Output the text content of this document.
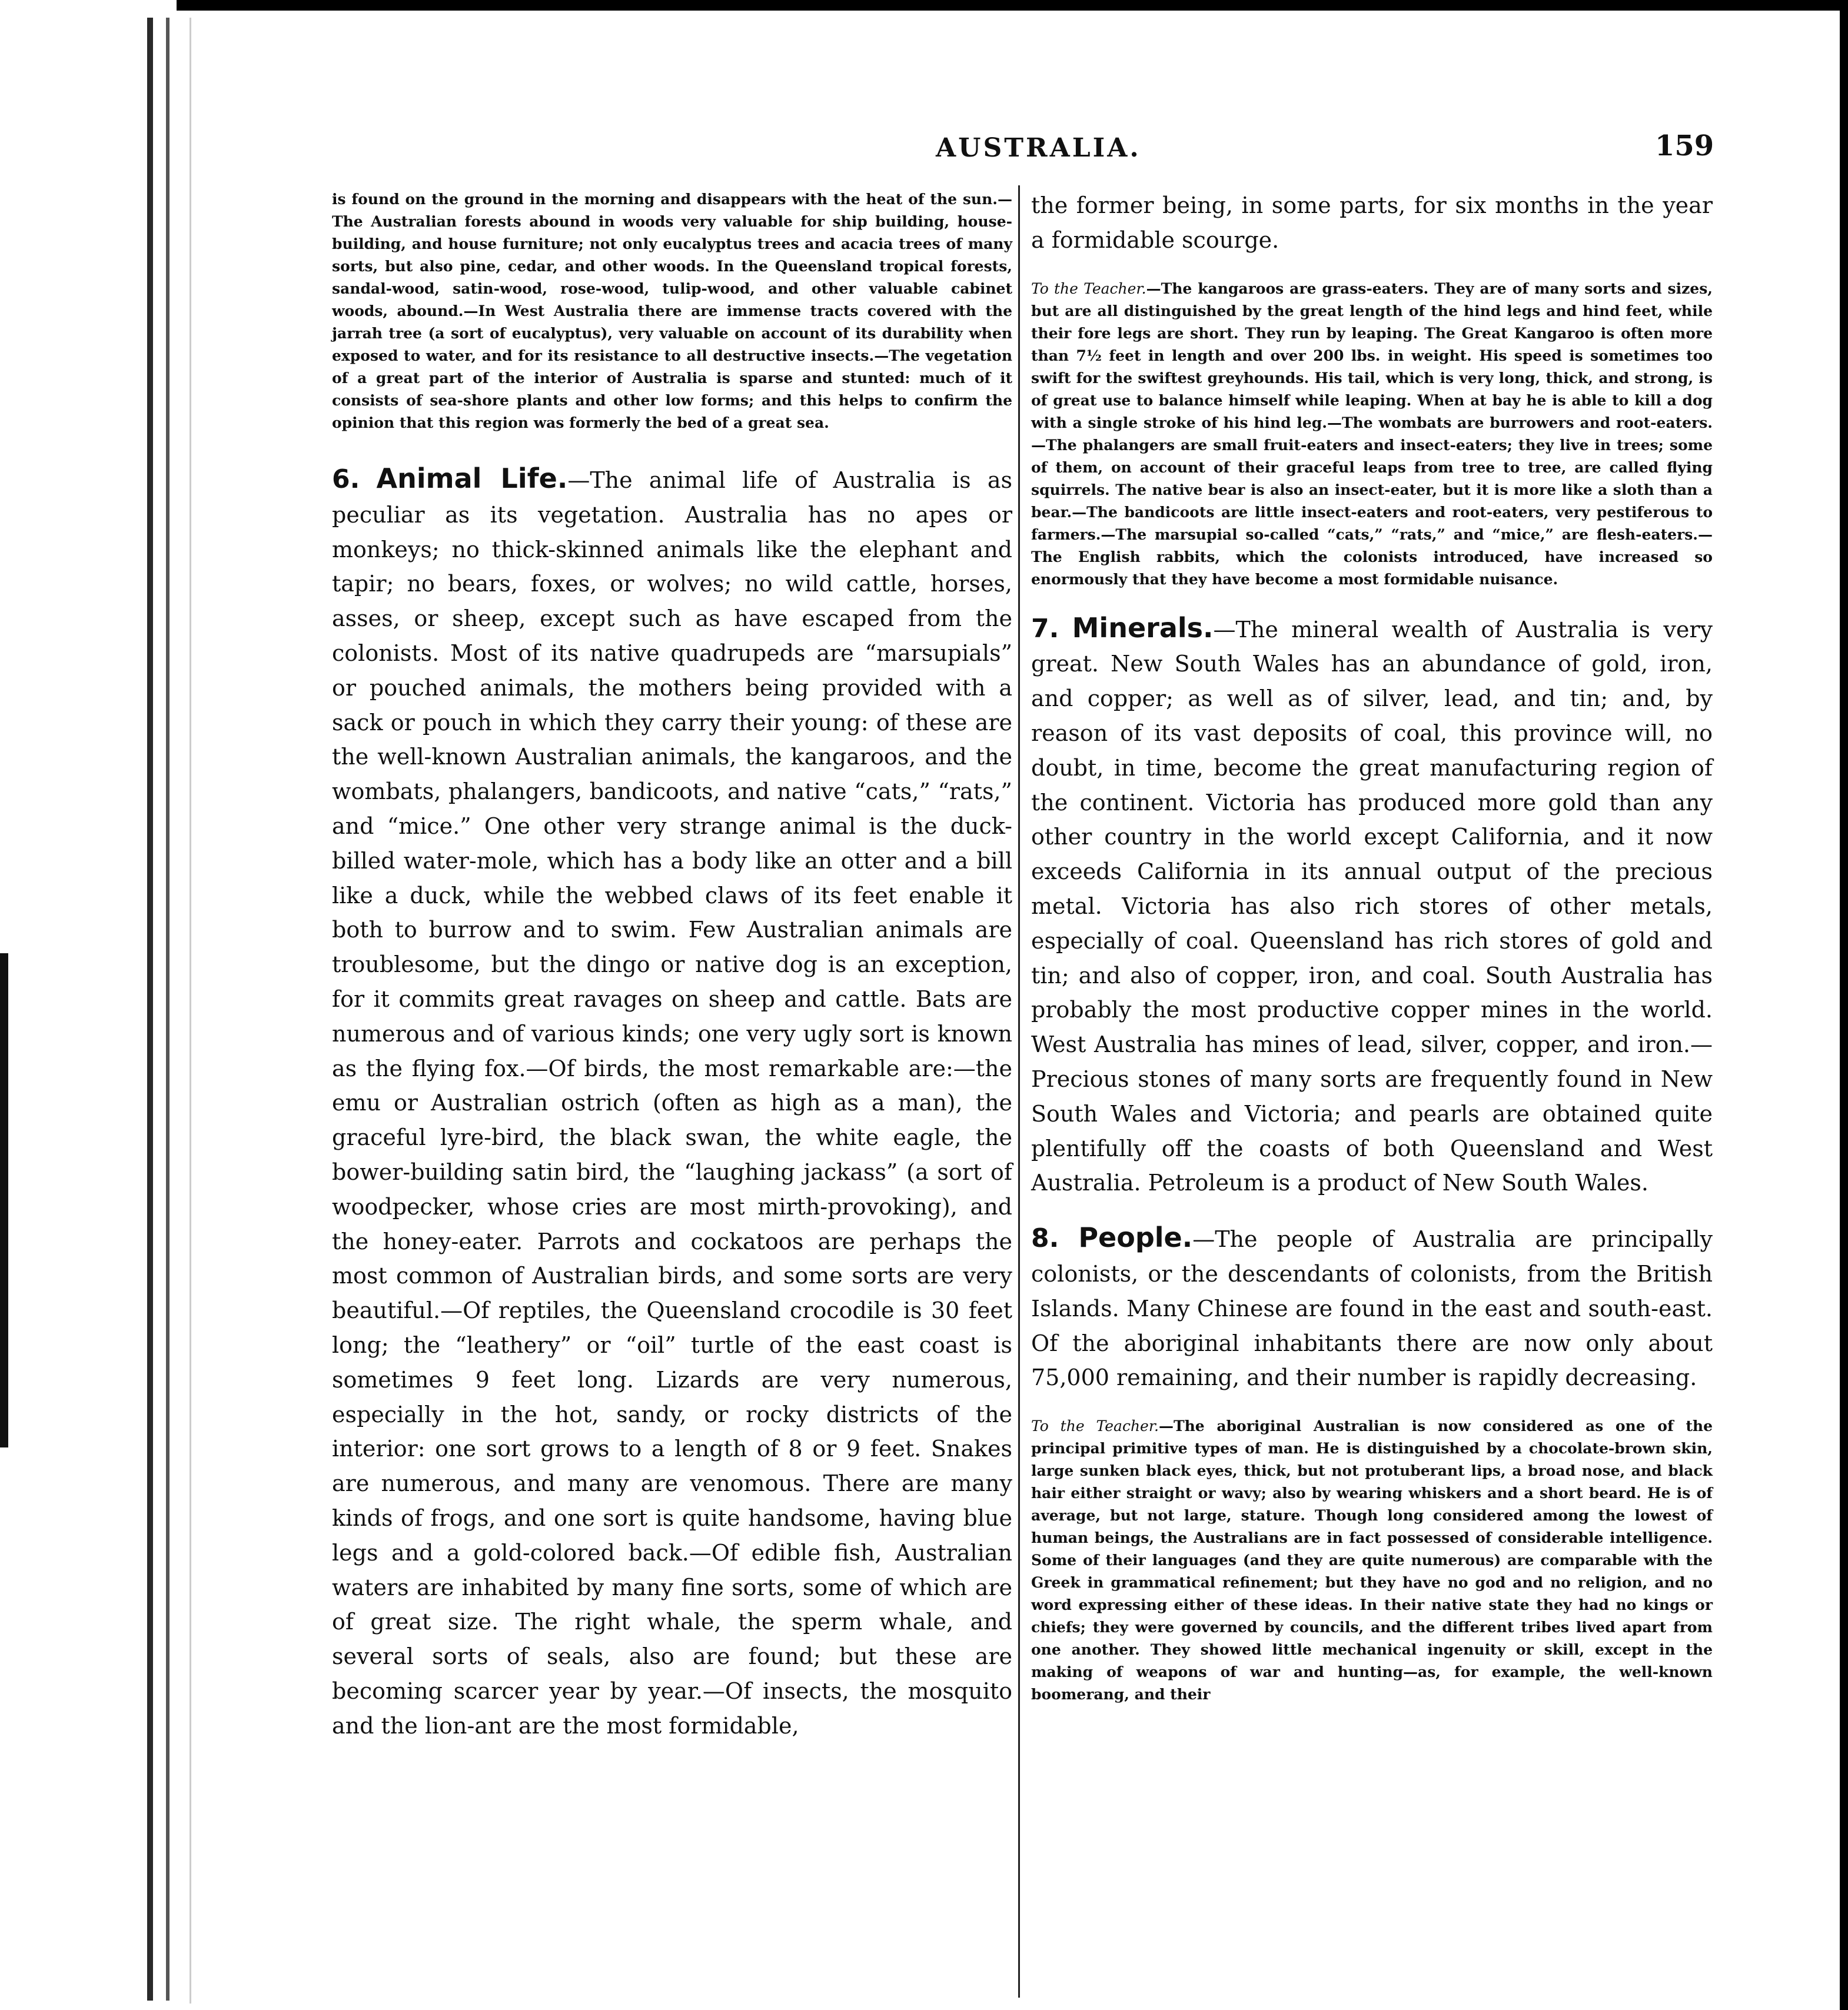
AUSTRALIA.	159

is found on the ground in the morning and disappears with the heat of the sun.—The Australian forests abound in woods very valuable for ship building, house-building, and house furniture; not only eucalyptus trees and acacia trees of many sorts, but also pine, cedar, and other woods. In the Queensland tropical forests, sandal-wood, satin-wood, rose-wood, tulip-wood, and other valuable cabinet woods, abound.—In West Australia there are immense tracts covered with the jarrah tree (a sort of eucalyptus), very valuable on account of its durability when exposed to water, and for its resistance to all destructive insects.—The vegetation of a great part of the interior of Australia is sparse and stunted: much of it consists of sea-shore plants and other low forms; and this helps to confirm the opinion that this region was formerly the bed of a great sea.

6. Animal Life.—The animal life of Australia is as peculiar as its vegetation. Australia has no apes or monkeys; no thick-skinned animals like the elephant and tapir; no bears, foxes, or wolves; no wild cattle, horses, asses, or sheep, except such as have escaped from the colonists. Most of its native quadrupeds are “marsupials” or pouched animals, the mothers being provided with a sack or pouch in which they carry their young: of these are the well-known Australian animals, the kangaroos, and the wombats, phalangers, bandicoots, and native “cats,” “rats,” and “mice.” One other very strange animal is the duck-billed water-mole, which has a body like an otter and a bill like a duck, while the webbed claws of its feet enable it both to burrow and to swim. Few Australian animals are troublesome, but the dingo or native dog is an exception, for it commits great ravages on sheep and cattle. Bats are numerous and of various kinds; one very ugly sort is known as the flying fox.—Of birds, the most remarkable are:—the emu or Australian ostrich (often as high as a man), the graceful lyre-bird, the black swan, the white eagle, the bower-building satin bird, the “laughing jackass” (a sort of woodpecker, whose cries are most mirth-provoking), and the honey-eater. Parrots and cockatoos are perhaps the most common of Australian birds, and some sorts are very beautiful.—Of reptiles, the Queensland crocodile is 30 feet long; the “leathery” or “oil” turtle of the east coast is sometimes 9 feet long. Lizards are very numerous, especially in the hot, sandy, or rocky districts of the interior: one sort grows to a length of 8 or 9 feet. Snakes are numerous, and many are venomous. There are many kinds of frogs, and one sort is quite handsome, having blue legs and a gold-colored back.—Of edible fish, Australian waters are inhabited by many fine sorts, some of which are of great size. The right whale, the sperm whale, and several sorts of seals, also are found; but these are becoming scarcer year by year.—Of insects, the mosquito and the lion-ant are the most formidable,

the former being, in some parts, for six months in the year a formidable scourge.

To the Teacher.—The kangaroos are grass-eaters. They are of many sorts and sizes, but are all distinguished by the great length of the hind legs and hind feet, while their fore legs are short. They run by leaping. The Great Kangaroo is often more than 7½ feet in length and over 200 lbs. in weight. His speed is sometimes too swift for the swiftest greyhounds. His tail, which is very long, thick, and strong, is of great use to balance himself while leaping. When at bay he is able to kill a dog with a single stroke of his hind leg.—The wombats are burrowers and root-eaters.—The phalangers are small fruit-eaters and insect-eaters; they live in trees; some of them, on account of their graceful leaps from tree to tree, are called flying squirrels. The native bear is also an insect-eater, but it is more like a sloth than a bear.—The bandicoots are little insect-eaters and root-eaters, very pestiferous to farmers.—The marsupial so-called “cats,” “rats,” and “mice,” are flesh-eaters.—The English rabbits, which the colonists introduced, have increased so enormously that they have become a most formidable nuisance.

7. Minerals.—The mineral wealth of Australia is very great. New South Wales has an abundance of gold, iron, and copper; as well as of silver, lead, and tin; and, by reason of its vast deposits of coal, this province will, no doubt, in time, become the great manufacturing region of the continent. Victoria has produced more gold than any other country in the world except California, and it now exceeds California in its annual output of the precious metal. Victoria has also rich stores of other metals, especially of coal. Queensland has rich stores of gold and tin; and also of copper, iron, and coal. South Australia has probably the most productive copper mines in the world. West Australia has mines of lead, silver, copper, and iron.—Precious stones of many sorts are frequently found in New South Wales and Victoria; and pearls are obtained quite plentifully off the coasts of both Queensland and West Australia. Petroleum is a product of New South Wales.

8. People.—The people of Australia are principally colonists, or the descendants of colonists, from the British Islands. Many Chinese are found in the east and south-east. Of the aboriginal inhabitants there are now only about 75,000 remaining, and their number is rapidly decreasing.

To the Teacher.—The aboriginal Australian is now considered as one of the principal primitive types of man. He is distinguished by a chocolate-brown skin, large sunken black eyes, thick, but not protuberant lips, a broad nose, and black hair either straight or wavy; also by wearing whiskers and a short beard. He is of average, but not large, stature. Though long considered among the lowest of human beings, the Australians are in fact possessed of considerable intelligence. Some of their languages (and they are quite numerous) are comparable with the Greek in grammatical refinement; but they have no god and no religion, and no word expressing either of these ideas. In their native state they had no kings or chiefs; they were governed by councils, and the different tribes lived apart from one another. They showed little mechanical ingenuity or skill, except in the making of weapons of war and hunting—as, for example, the well-known boomerang, and their
